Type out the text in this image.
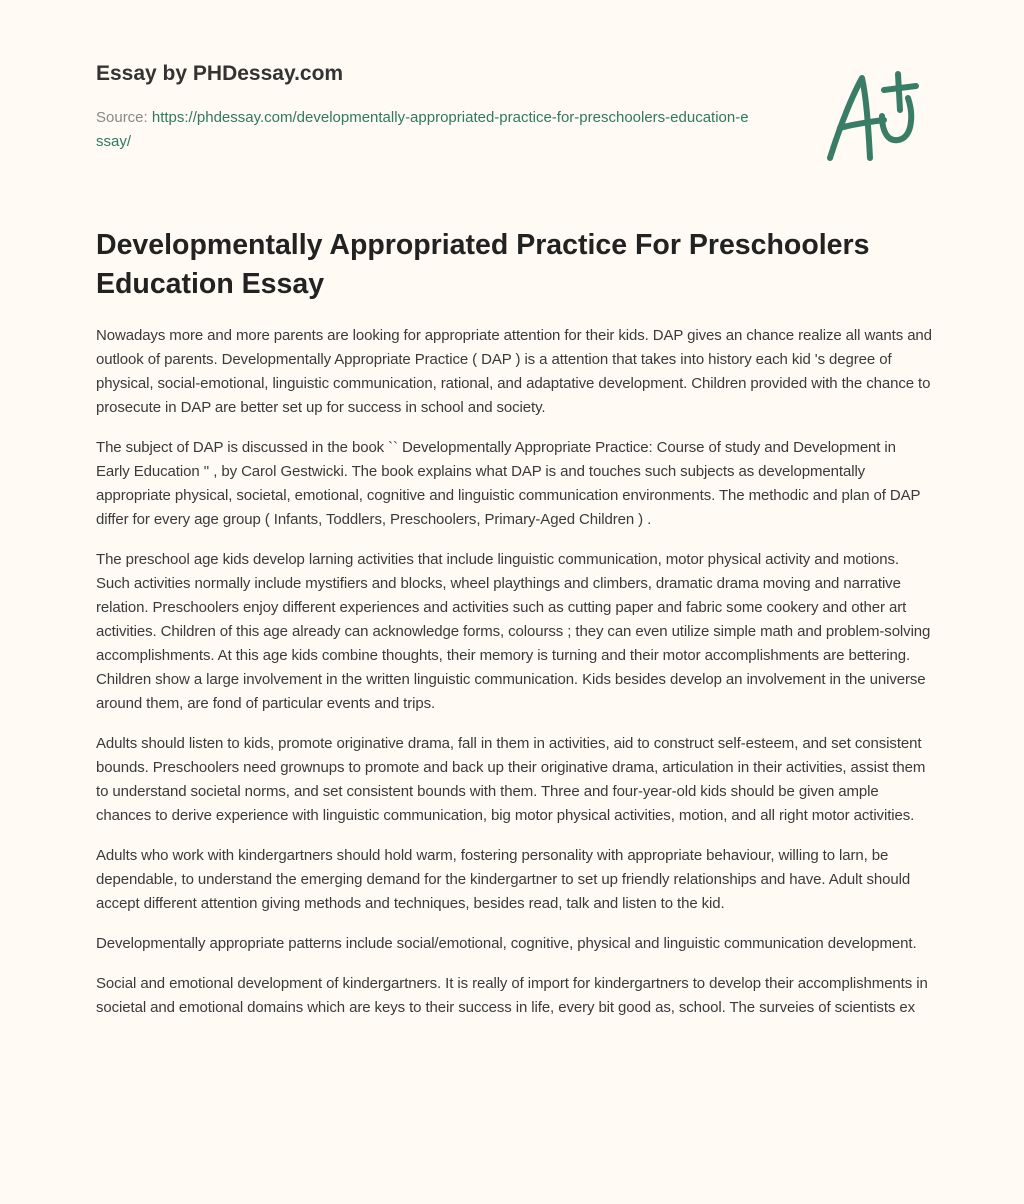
Essay by PHDessay.com
Source: https://phdessay.com/developmentally-appropriated-practice-for-preschoolers-education-essay/
Developmentally Appropriated Practice For Preschoolers Education Essay

Nowadays more and more parents are looking for appropriate attention for their kids. DAP gives an chance realize all wants and outlook of parents. Developmentally Appropriate Practice ( DAP ) is a attention that takes into history each kid 's degree of physical, social-emotional, linguistic communication, rational, and adaptative development. Children provided with the chance to prosecute in DAP are better set up for success in school and society.

The subject of DAP is discussed in the book `` Developmentally Appropriate Practice: Course of study and Development in Early Education '' , by Carol Gestwicki. The book explains what DAP is and touches such subjects as developmentally appropriate physical, societal, emotional, cognitive and linguistic communication environments. The methodic and plan of DAP differ for every age group ( Infants, Toddlers, Preschoolers, Primary-Aged Children ) .

The preschool age kids develop larning activities that include linguistic communication, motor physical activity and motions. Such activities normally include mystifiers and blocks, wheel playthings and climbers, dramatic drama moving and narrative relation. Preschoolers enjoy different experiences and activities such as cutting paper and fabric some cookery and other art activities. Children of this age already can acknowledge forms, colourss ; they can even utilize simple math and problem-solving accomplishments. At this age kids combine thoughts, their memory is turning and their motor accomplishments are bettering. Children show a large involvement in the written linguistic communication. Kids besides develop an involvement in the universe around them, are fond of particular events and trips.

Adults should listen to kids, promote originative drama, fall in them in activities, aid to construct self-esteem, and set consistent bounds. Preschoolers need grownups to promote and back up their originative drama, articulation in their activities, assist them to understand societal norms, and set consistent bounds with them. Three and four-year-old kids should be given ample chances to derive experience with linguistic communication, big motor physical activities, motion, and all right motor activities.

Adults who work with kindergartners should hold warm, fostering personality with appropriate behaviour, willing to larn, be dependable, to understand the emerging demand for the kindergartner to set up friendly relationships and have. Adult should accept different attention giving methods and techniques, besides read, talk and listen to the kid.

Developmentally appropriate patterns include social/emotional, cognitive, physical and linguistic communication development.

Social and emotional development of kindergartners. It is really of import for kindergartners to develop their accomplishments in societal and emotional domains which are keys to their success in life, every bit good as, school. The surveies of scientists ex
